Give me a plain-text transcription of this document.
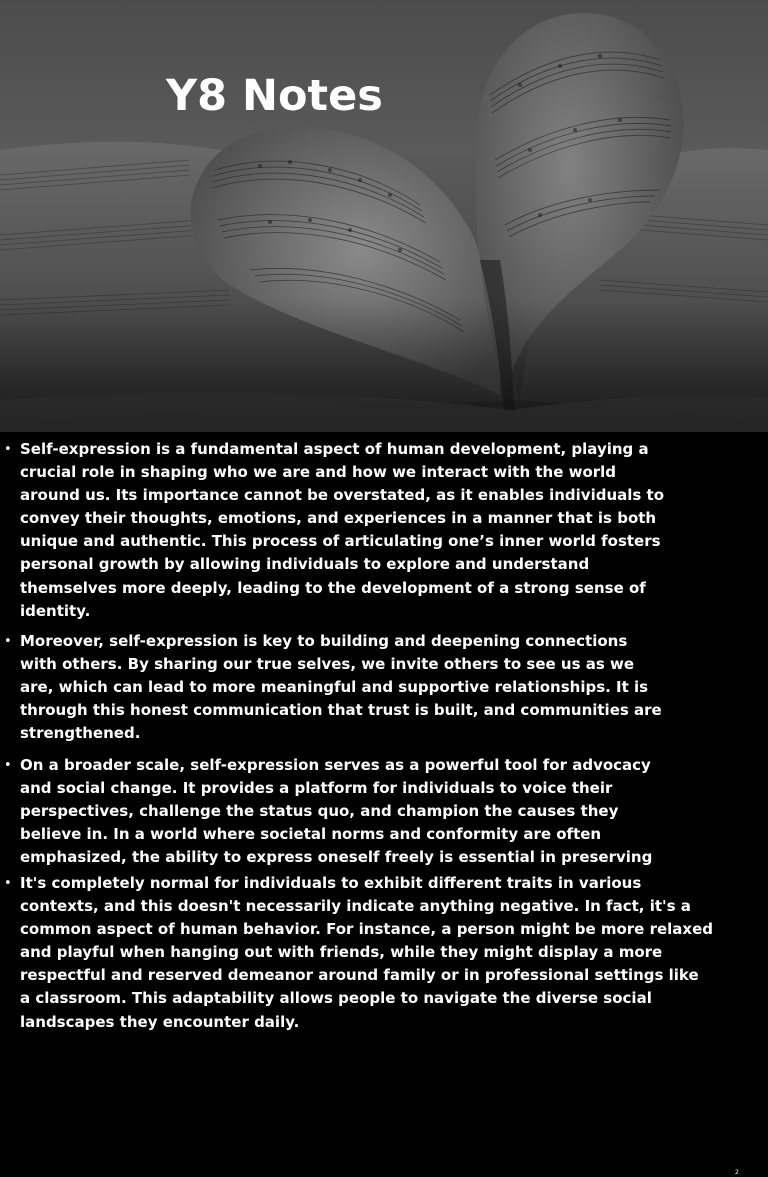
Y8 Notes
• Self-expression is a fundamental aspect of human development, playing a
crucial role in shaping who we are and how we interact with the world
around us. Its importance cannot be overstated, as it enables individuals to
convey their thoughts, emotions, and experiences in a manner that is both
unique and authentic. This process of articulating one’s inner world fosters
personal growth by allowing individuals to explore and understand
themselves more deeply, leading to the development of a strong sense of
identity.

• Moreover, self-expression is key to building and deepening connections
with others. By sharing our true selves, we invite others to see us as we
are, which can lead to more meaningful and supportive relationships. It is
through this honest communication that trust is built, and communities are
strengthened.

• On a broader scale, self-expression serves as a powerful tool for advocacy
and social change. It provides a platform for individuals to voice their
perspectives, challenge the status quo, and champion the causes they
believe in. In a world where societal norms and conformity are often
emphasized, the ability to express oneself freely is essential in preserving

2
• It's completely normal for individuals to exhibit different traits in various
contexts, and this doesn't necessarily indicate anything negative. In fact, it's a
common aspect of human behavior. For instance, a person might be more relaxed
and playful when hanging out with friends, while they might display a more
respectful and reserved demeanor around family or in professional settings like
a classroom. This adaptability allows people to navigate the diverse social
landscapes they encounter daily.
